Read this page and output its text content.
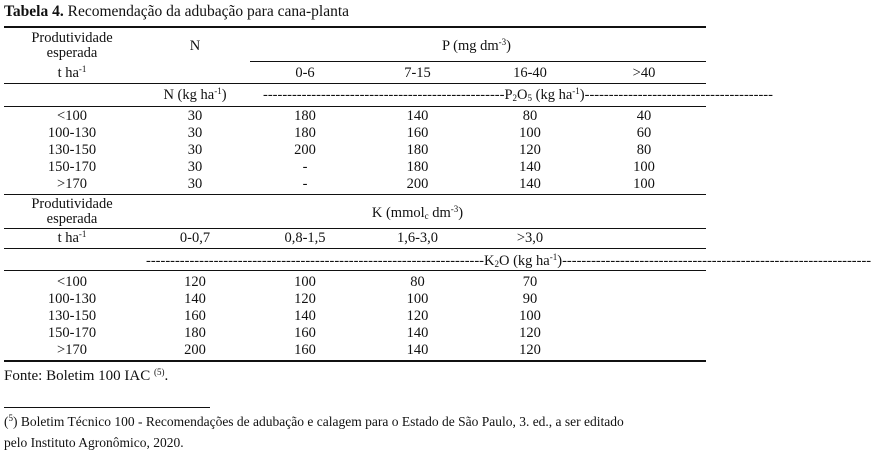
Tabela 4. Recomendação da adubação para cana-planta
Produtividade
esperada	N	P (mg $dm^{-3}$)
t $ha^{-1}$	0-6	7-15	16-40	>40
N (kg $ha^{-1}$)	$--------------------------------------------------P_2O_5$ (kg $ha^{-1})---------------------------------------$
<100	30	180	140	80	40
100-130	30	180	160	100	60
130-150	30	200	180	120	80
150-170	30	-	180	140	100
>170	30	-	200	140	100
Produtividade
esperada	K (mmol$_c$ $dm^{-3}$)
t $ha^{-1}$	0-0,7	0,8-1,5	1,6-3,0	>3,0
$----------------------------------------------------------------------K_2O$ (kg $ha^{-1})----------------------------------------------------------------$
<100	120	100	80	70
100-130	140	120	100	90
130-150	160	140	120	100
150-170	180	160	140	120
>170	200	160	140	120
Fonte: Boletim 100 IAC $^{(5)}$.
($^5$) Boletim Técnico 100 - Recomendações de adubação e calagem para o Estado de São Paulo, 3. ed., a ser editado
pelo Instituto Agronômico, 2020.
